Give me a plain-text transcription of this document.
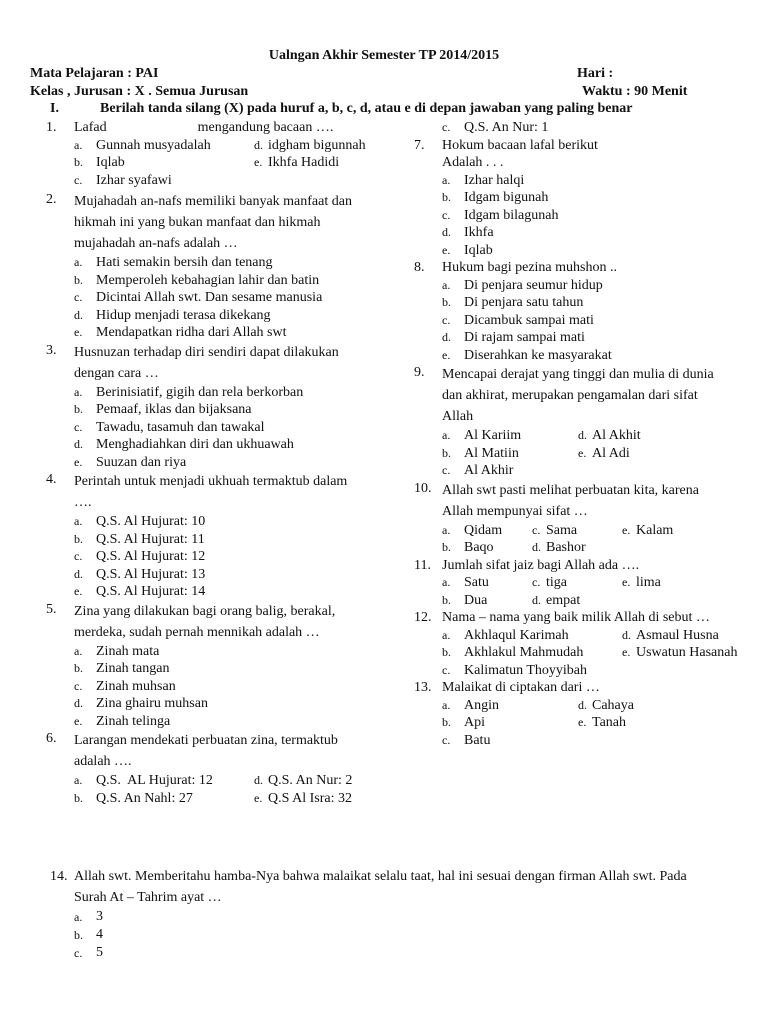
Ualngan Akhir Semester TP 2014/2015
Mata Pelajaran : PAI
Kelas , Jurusan : X . Semua Jurusan
Hari :
Waktu : 90 Menit
I.	Berilah tanda silang (X) pada huruf a, b, c, d, atau e di depan jawaban yang paling benar
1.	Lafad                          mengandung bacaan ….
a. Gunnah musyadalah	d. idgham bigunnah
b. Iqlab	e. Ikhfa Hadidi
c. Izhar syafawi
2.	Mujahadah an-nafs memiliki banyak manfaat dan
hikmah ini yang bukan manfaat dan hikmah
mujahadah an-nafs adalah …
a. Hati semakin bersih dan tenang
b. Memperoleh kebahagian lahir dan batin
c. Dicintai Allah swt. Dan sesame manusia
d. Hidup menjadi terasa dikekang
e. Mendapatkan ridha dari Allah swt
3.	Husnuzan terhadap diri sendiri dapat dilakukan
dengan cara …
a. Berinisiatif, gigih dan rela berkorban
b. Pemaaf, iklas dan bijaksana
c. Tawadu, tasamuh dan tawakal
d. Menghadiahkan diri dan ukhuawah
e. Suuzan dan riya
4.	Perintah untuk menjadi ukhuah termaktub dalam
….
a. Q.S. Al Hujurat: 10
b. Q.S. Al Hujurat: 11
c. Q.S. Al Hujurat: 12
d. Q.S. Al Hujurat: 13
e. Q.S. Al Hujurat: 14
5.	Zina yang dilakukan bagi orang balig, berakal,
merdeka, sudah pernah mennikah adalah …
a. Zinah mata
b. Zinah tangan
c. Zinah muhsan
d. Zina ghairu muhsan
e. Zinah telinga
6.	Larangan mendekati perbuatan zina, termaktub
adalah ….
a. Q.S.  AL Hujurat: 12	d. Q.S. An Nur: 2
b. Q.S. An Nahl: 27	e. Q.S Al Isra: 32
c. Q.S. An Nur: 1
7.	Hokum bacaan lafal berikut
Adalah . . .
a. Izhar halqi
b. Idgam bigunah
c. Idgam bilagunah
d. Ikhfa
e. Iqlab
8.	Hukum bagi pezina muhshon ..
a. Di penjara seumur hidup
b. Di penjara satu tahun
c. Dicambuk sampai mati
d. Di rajam sampai mati
e. Diserahkan ke masyarakat
9.	Mencapai derajat yang tinggi dan mulia di dunia
dan akhirat, merupakan pengamalan dari sifat
Allah
a. Al Kariim	d. Al Akhit
b. Al Matiin	e. Al Adi
c. Al Akhir
10. Allah swt pasti melihat perbuatan kita, karena
Allah mempunyai sifat …
a. Qidam c. Sama	e. Kalam
b. Baqo	d. Bashor
11. Jumlah sifat jaiz bagi Allah ada ….
a. Satu	c. tiga	e. lima
b. Dua	d. empat
12. Nama – nama yang baik milik Allah di sebut …
a. Akhlaqul Karimah	d. Asmaul Husna
b. Akhlakul Mahmudah	e. Uswatun Hasanah
c. Kalimatun Thoyyibah
13. Malaikat di ciptakan dari …
a. Angin	d. Cahaya
b. Api	e. Tanah
c. Batu
14. Allah swt. Memberitahu hamba-Nya bahwa malaikat selalu taat, hal ini sesuai dengan firman Allah swt. Pada
Surah At – Tahrim ayat …
a. 3
b. 4
c. 5
